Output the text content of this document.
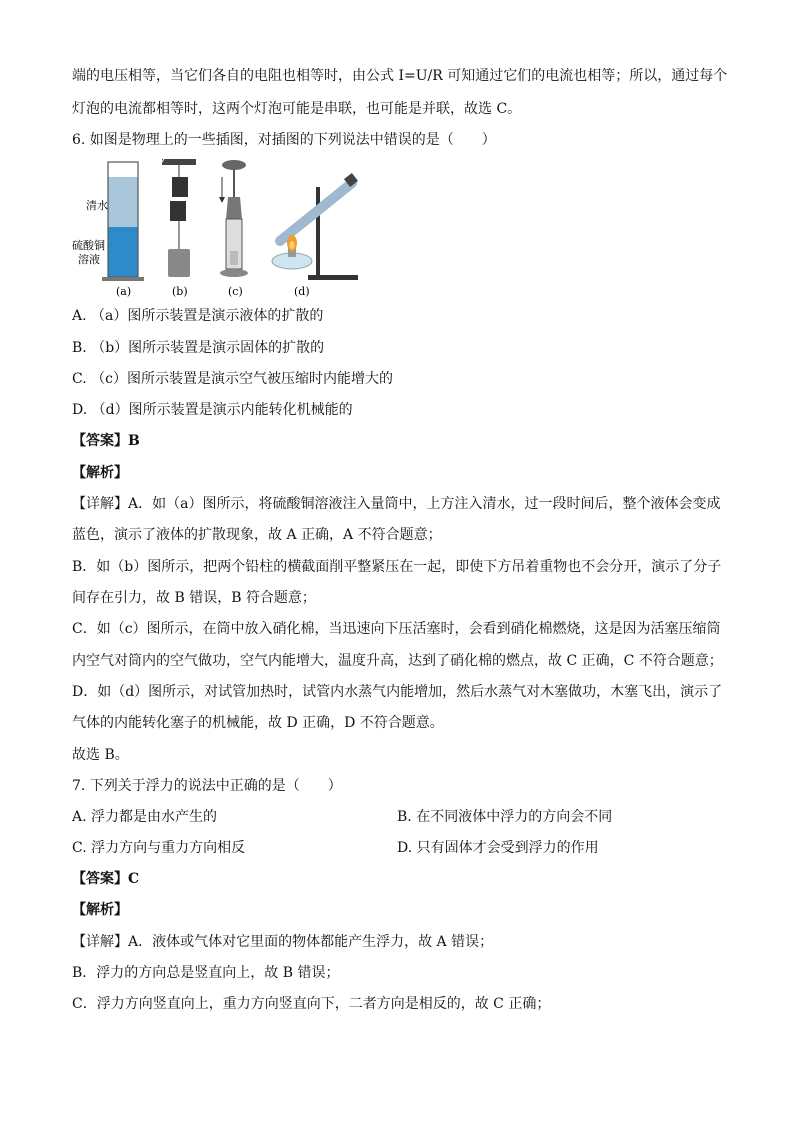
端的电压相等，当它们各自的电阻也相等时，由公式 I=U/R 可知通过它们的电流也相等；所以，通过每个
灯泡的电流都相等时，这两个灯泡可能是串联，也可能是并联，故选 C。
6. 如图是物理上的一些插图，对插图的下列说法中错误的是（　　）
清水
硫酸铜
溶液
(a)	(b)	(c)	(d)
A. （a）图所示装置是演示液体的扩散的
B. （b）图所示装置是演示固体的扩散的
C. （c）图所示装置是演示空气被压缩时内能增大的
D. （d）图所示装置是演示内能转化机械能的
【答案】B
【解析】
【详解】A．如（a）图所示，将硫酸铜溶液注入量筒中，上方注入清水，过一段时间后，整个液体会变成
蓝色，演示了液体的扩散现象，故 A 正确，A 不符合题意；
B．如（b）图所示，把两个铅柱的横截面削平整紧压在一起，即使下方吊着重物也不会分开，演示了分子
间存在引力，故 B 错误，B 符合题意；
C．如（c）图所示，在筒中放入硝化棉，当迅速向下压活塞时，会看到硝化棉燃烧，这是因为活塞压缩筒
内空气对筒内的空气做功，空气内能增大，温度升高，达到了硝化棉的燃点，故 C 正确，C 不符合题意；
D．如（d）图所示，对试管加热时，试管内水蒸气内能增加，然后水蒸气对木塞做功，木塞飞出，演示了
气体的内能转化塞子的机械能，故 D 正确，D 不符合题意。
故选 B。
7. 下列关于浮力的说法中正确的是（　　）
A. 浮力都是由水产生的	B. 在不同液体中浮力的方向会不同
C. 浮力方向与重力方向相反	D. 只有固体才会受到浮力的作用
【答案】C
【解析】
【详解】A．液体或气体对它里面的物体都能产生浮力，故 A 错误；
B．浮力的方向总是竖直向上，故 B 错误；
C．浮力方向竖直向上，重力方向竖直向下，二者方向是相反的，故 C 正确；
